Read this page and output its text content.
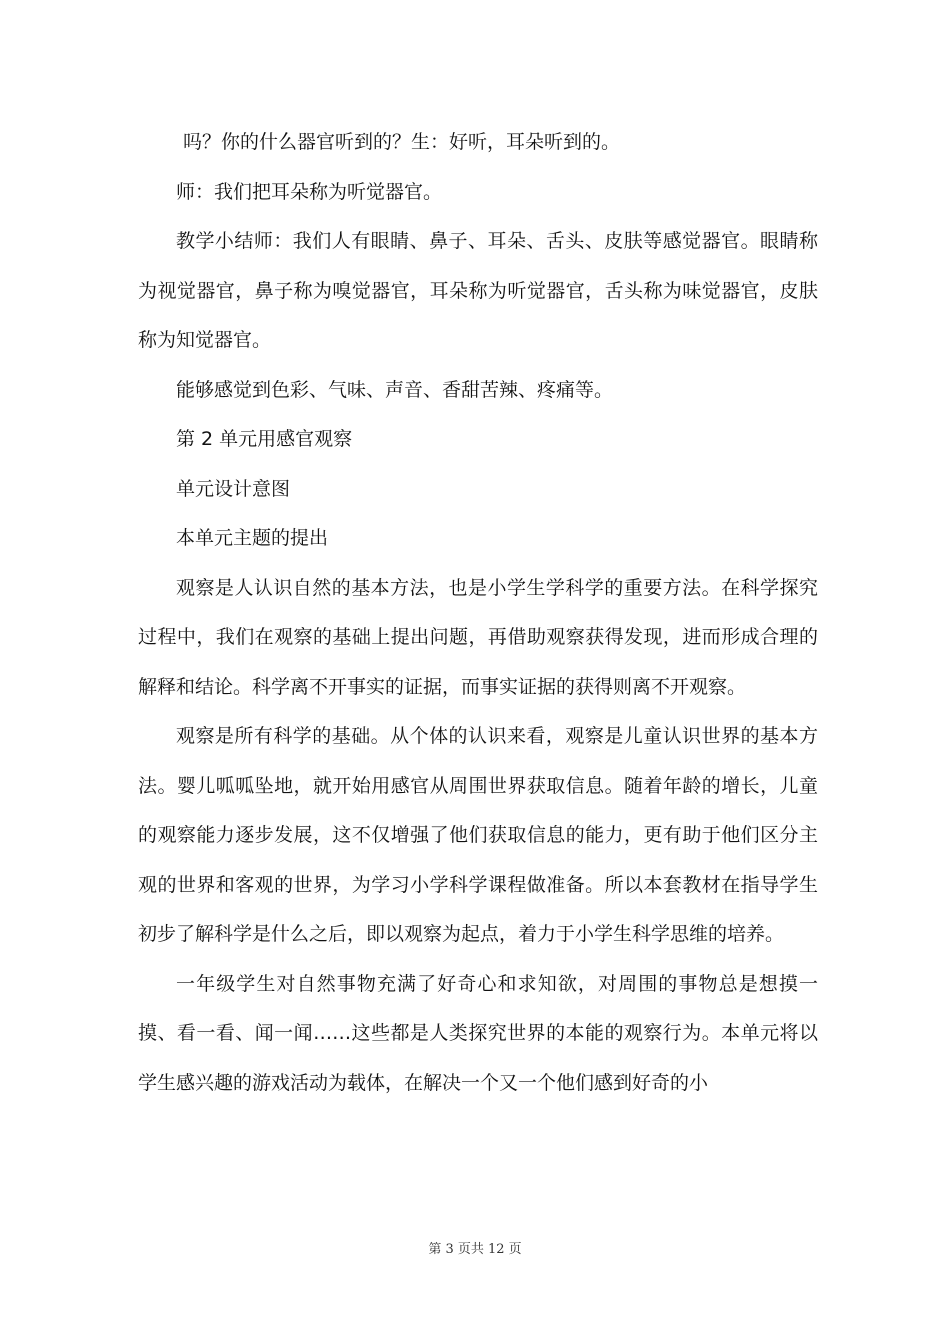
吗？你的什么器官听到的？生：好听，耳朵听到的。

师：我们把耳朵称为听觉器官。

教学小结师：我们人有眼睛、鼻子、耳朵、舌头、皮肤等感觉器官。眼睛称为视觉器官，鼻子称为嗅觉器官，耳朵称为听觉器官，舌头称为味觉器官，皮肤称为知觉器官。

能够感觉到色彩、气味、声音、香甜苦辣、疼痛等。

第 2 单元用感官观察

单元设计意图

本单元主题的提出

观察是人认识自然的基本方法，也是小学生学科学的重要方法。在科学探究过程中，我们在观察的基础上提出问题，再借助观察获得发现，进而形成合理的解释和结论。科学离不开事实的证据，而事实证据的获得则离不开观察。

观察是所有科学的基础。从个体的认识来看，观察是儿童认识世界的基本方法。婴儿呱呱坠地，就开始用感官从周围世界获取信息。随着年龄的增长，儿童的观察能力逐步发展，这不仅增强了他们获取信息的能力，更有助于他们区分主观的世界和客观的世界，为学习小学科学课程做准备。所以本套教材在指导学生初步了解科学是什么之后，即以观察为起点，着力于小学生科学思维的培养。

一年级学生对自然事物充满了好奇心和求知欲，对周围的事物总是想摸一摸、看一看、闻一闻……这些都是人类探究世界的本能的观察行为。本单元将以学生感兴趣的游戏活动为载体，在解决一个又一个他们感到好奇的小

第 3 页共 12 页
